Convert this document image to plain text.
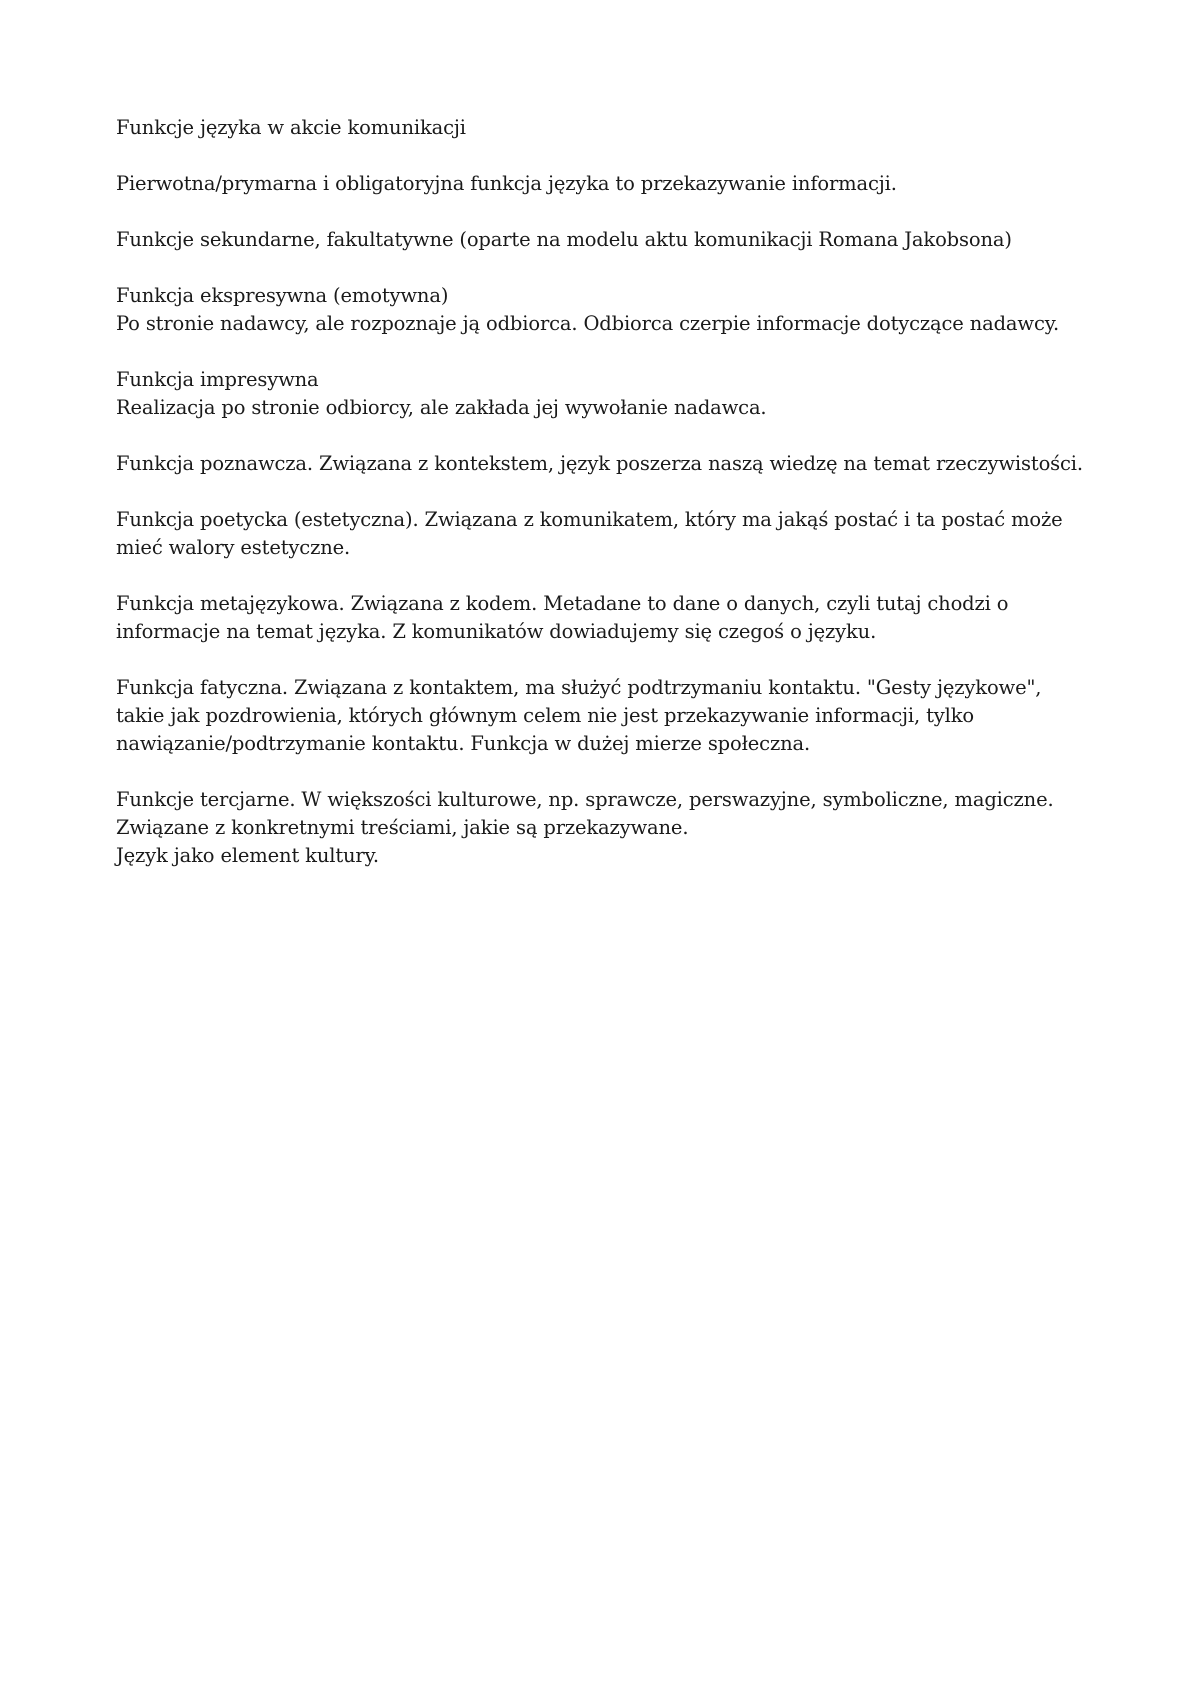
Funkcje języka w akcie komunikacji

Pierwotna/prymarna i obligatoryjna funkcja języka to przekazywanie informacji.

Funkcje sekundarne, fakultatywne (oparte na modelu aktu komunikacji Romana Jakobsona)

Funkcja ekspresywna (emotywna)
Po stronie nadawcy, ale rozpoznaje ją odbiorca. Odbiorca czerpie informacje dotyczące nadawcy.

Funkcja impresywna
Realizacja po stronie odbiorcy, ale zakłada jej wywołanie nadawca.

Funkcja poznawcza. Związana z kontekstem, język poszerza naszą wiedzę na temat rzeczywistości.

Funkcja poetycka (estetyczna). Związana z komunikatem, który ma jakąś postać i ta postać może
mieć walory estetyczne.

Funkcja metajęzykowa. Związana z kodem. Metadane to dane o danych, czyli tutaj chodzi o
informacje na temat języka. Z komunikatów dowiadujemy się czegoś o języku.

Funkcja fatyczna. Związana z kontaktem, ma służyć podtrzymaniu kontaktu. "Gesty językowe",
takie jak pozdrowienia, których głównym celem nie jest przekazywanie informacji, tylko
nawiązanie/podtrzymanie kontaktu. Funkcja w dużej mierze społeczna.

Funkcje tercjarne. W większości kulturowe, np. sprawcze, perswazyjne, symboliczne, magiczne.
Związane z konkretnymi treściami, jakie są przekazywane.
Język jako element kultury.
